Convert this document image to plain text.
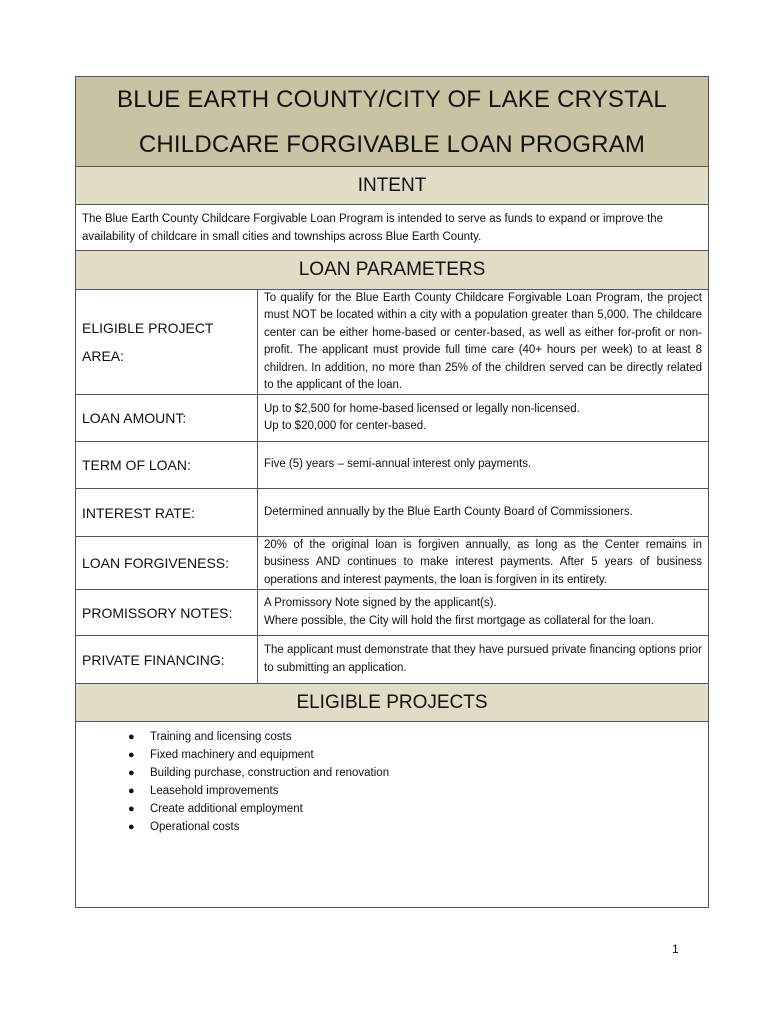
BLUE EARTH COUNTY/CITY OF LAKE CRYSTAL
CHILDCARE FORGIVABLE LOAN PROGRAM
INTENT
The Blue Earth County Childcare Forgivable Loan Program is intended to serve as funds to expand or improve the availability of childcare in small cities and townships across Blue Earth County.
LOAN PARAMETERS
ELIGIBLE PROJECT AREA:
To qualify for the Blue Earth County Childcare Forgivable Loan Program, the project must NOT be located within a city with a population greater than 5,000. The childcare center can be either home-based or center-based, as well as either for-profit or non-profit. The applicant must provide full time care (40+ hours per week) to at least 8 children. In addition, no more than 25% of the children served can be directly related to the applicant of the loan.
LOAN AMOUNT:
Up to $2,500 for home-based licensed or legally non-licensed.
Up to $20,000 for center-based.
TERM OF LOAN:	Five (5) years – semi-annual interest only payments.
INTEREST RATE:	Determined annually by the Blue Earth County Board of Commissioners.
LOAN FORGIVENESS:
20% of the original loan is forgiven annually, as long as the Center remains in business AND continues to make interest payments. After 5 years of business operations and interest payments, the loan is forgiven in its entirety.
PROMISSORY NOTES:
A Promissory Note signed by the applicant(s).
Where possible, the City will hold the first mortgage as collateral for the loan.
PRIVATE FINANCING:
The applicant must demonstrate that they have pursued private financing options prior to submitting an application.
ELIGIBLE PROJECTS
● Training and licensing costs
● Fixed machinery and equipment
● Building purchase, construction and renovation
● Leasehold improvements
● Create additional employment
● Operational costs
1
